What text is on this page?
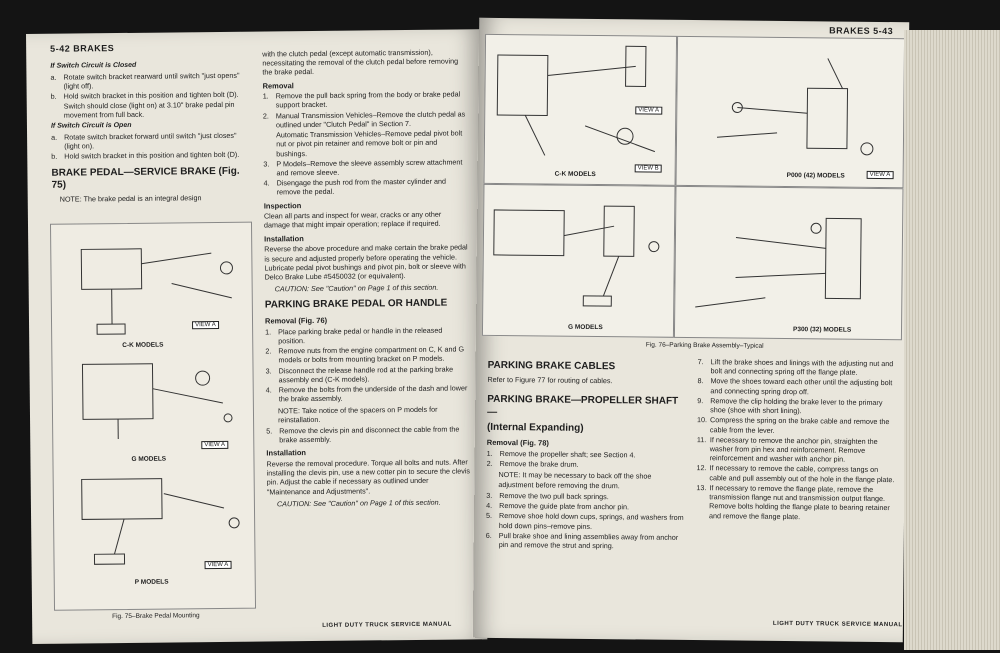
5-42 BRAKES
If Switch Circuit is Closed
a. Rotate switch bracket rearward until switch "just opens" (light off).
b. Hold switch bracket in this position and tighten bolt (D). Switch should close (light on) at 3.10" brake pedal pin movement from full back.
If Switch Circuit is Open
a. Rotate switch bracket forward until switch "just closes" (light on).
b. Hold switch bracket in this position and tighten bolt (D).
BRAKE PEDAL—SERVICE BRAKE (Fig. 75)
NOTE: The brake pedal is an integral design
C-K MODELS
VIEW A
G MODELS
VIEW A
P MODELS
VIEW A
Fig. 75–Brake Pedal Mounting
with the clutch pedal (except automatic transmission), necessitating the removal of the clutch pedal before removing the brake pedal.
Removal
1. Remove the pull back spring from the body or brake pedal support bracket.
2. Manual Transmission Vehicles–Remove the clutch pedal as outlined under "Clutch Pedal" in Section 7.
Automatic Transmission Vehicles–Remove pedal pivot bolt nut or pivot pin retainer and remove bolt or pin and bushings.
3. P Models–Remove the sleeve assembly screw attachment and remove sleeve.
4. Disengage the push rod from the master cylinder and remove the pedal.
Inspection
Clean all parts and inspect for wear, cracks or any other damage that might impair operation; replace if required.
Installation
Reverse the above procedure and make certain the brake pedal is secure and adjusted properly before operating the vehicle. Lubricate pedal pivot bushings and pivot pin, bolt or sleeve with Delco Brake Lube #5450032 (or equivalent).
CAUTION: See "Caution" on Page 1 of this section.
PARKING BRAKE PEDAL OR HANDLE
Removal (Fig. 76)
1. Place parking brake pedal or handle in the released position.
2. Remove nuts from the engine compartment on C, K and G models or bolts from mounting bracket on P models.
3. Disconnect the release handle rod at the parking brake assembly end (C-K models).
4. Remove the bolts from the underside of the dash and lower the brake assembly.
NOTE: Take notice of the spacers on P models for reinstallation.
5. Remove the clevis pin and disconnect the cable from the brake assembly.
Installation
Reverse the removal procedure. Torque all bolts and nuts. After installing the clevis pin, use a new cotter pin to secure the clevis pin. Adjust the cable if necessary as outlined under "Maintenance and Adjustments".
CAUTION: See "Caution" on Page 1 of this section.
LIGHT DUTY TRUCK SERVICE MANUAL
BRAKES 5-43
C-K MODELS
VIEW A
VIEW B
P000 (42) MODELS	VIEW A
G MODELS	P300 (32) MODELS
Fig. 76–Parking Brake Assembly–Typical
PARKING BRAKE CABLES
Refer to Figure 77 for routing of cables.
PARKING BRAKE—PROPELLER SHAFT—
(Internal Expanding)
Removal (Fig. 78)
1. Remove the propeller shaft; see Section 4.
2. Remove the brake drum.
NOTE: It may be necessary to back off the shoe adjustment before removing the drum.
3. Remove the two pull back springs.
4. Remove the guide plate from anchor pin.
5. Remove shoe hold down cups, springs, and washers from hold down pins–remove pins.
6. Pull brake shoe and lining assemblies away from anchor pin and remove the strut and spring.
7. Lift the brake shoes and linings with the adjusting nut and bolt and connecting spring off the flange plate.
8. Move the shoes toward each other until the adjusting bolt and connecting spring drop off.
9. Remove the clip holding the brake lever to the primary shoe (shoe with short lining).
10. Compress the spring on the brake cable and remove the cable from the lever.
11. If necessary to remove the anchor pin, straighten the washer from pin hex and reinforcement. Remove reinforcement and washer with anchor pin.
12. If necessary to remove the cable, compress tangs on cable and pull assembly out of the hole in the flange plate.
13. If necessary to remove the flange plate, remove the transmission flange nut and transmission output flange. Remove bolts holding the flange plate to bearing retainer and remove the flange plate.
LIGHT DUTY TRUCK SERVICE MANUAL
